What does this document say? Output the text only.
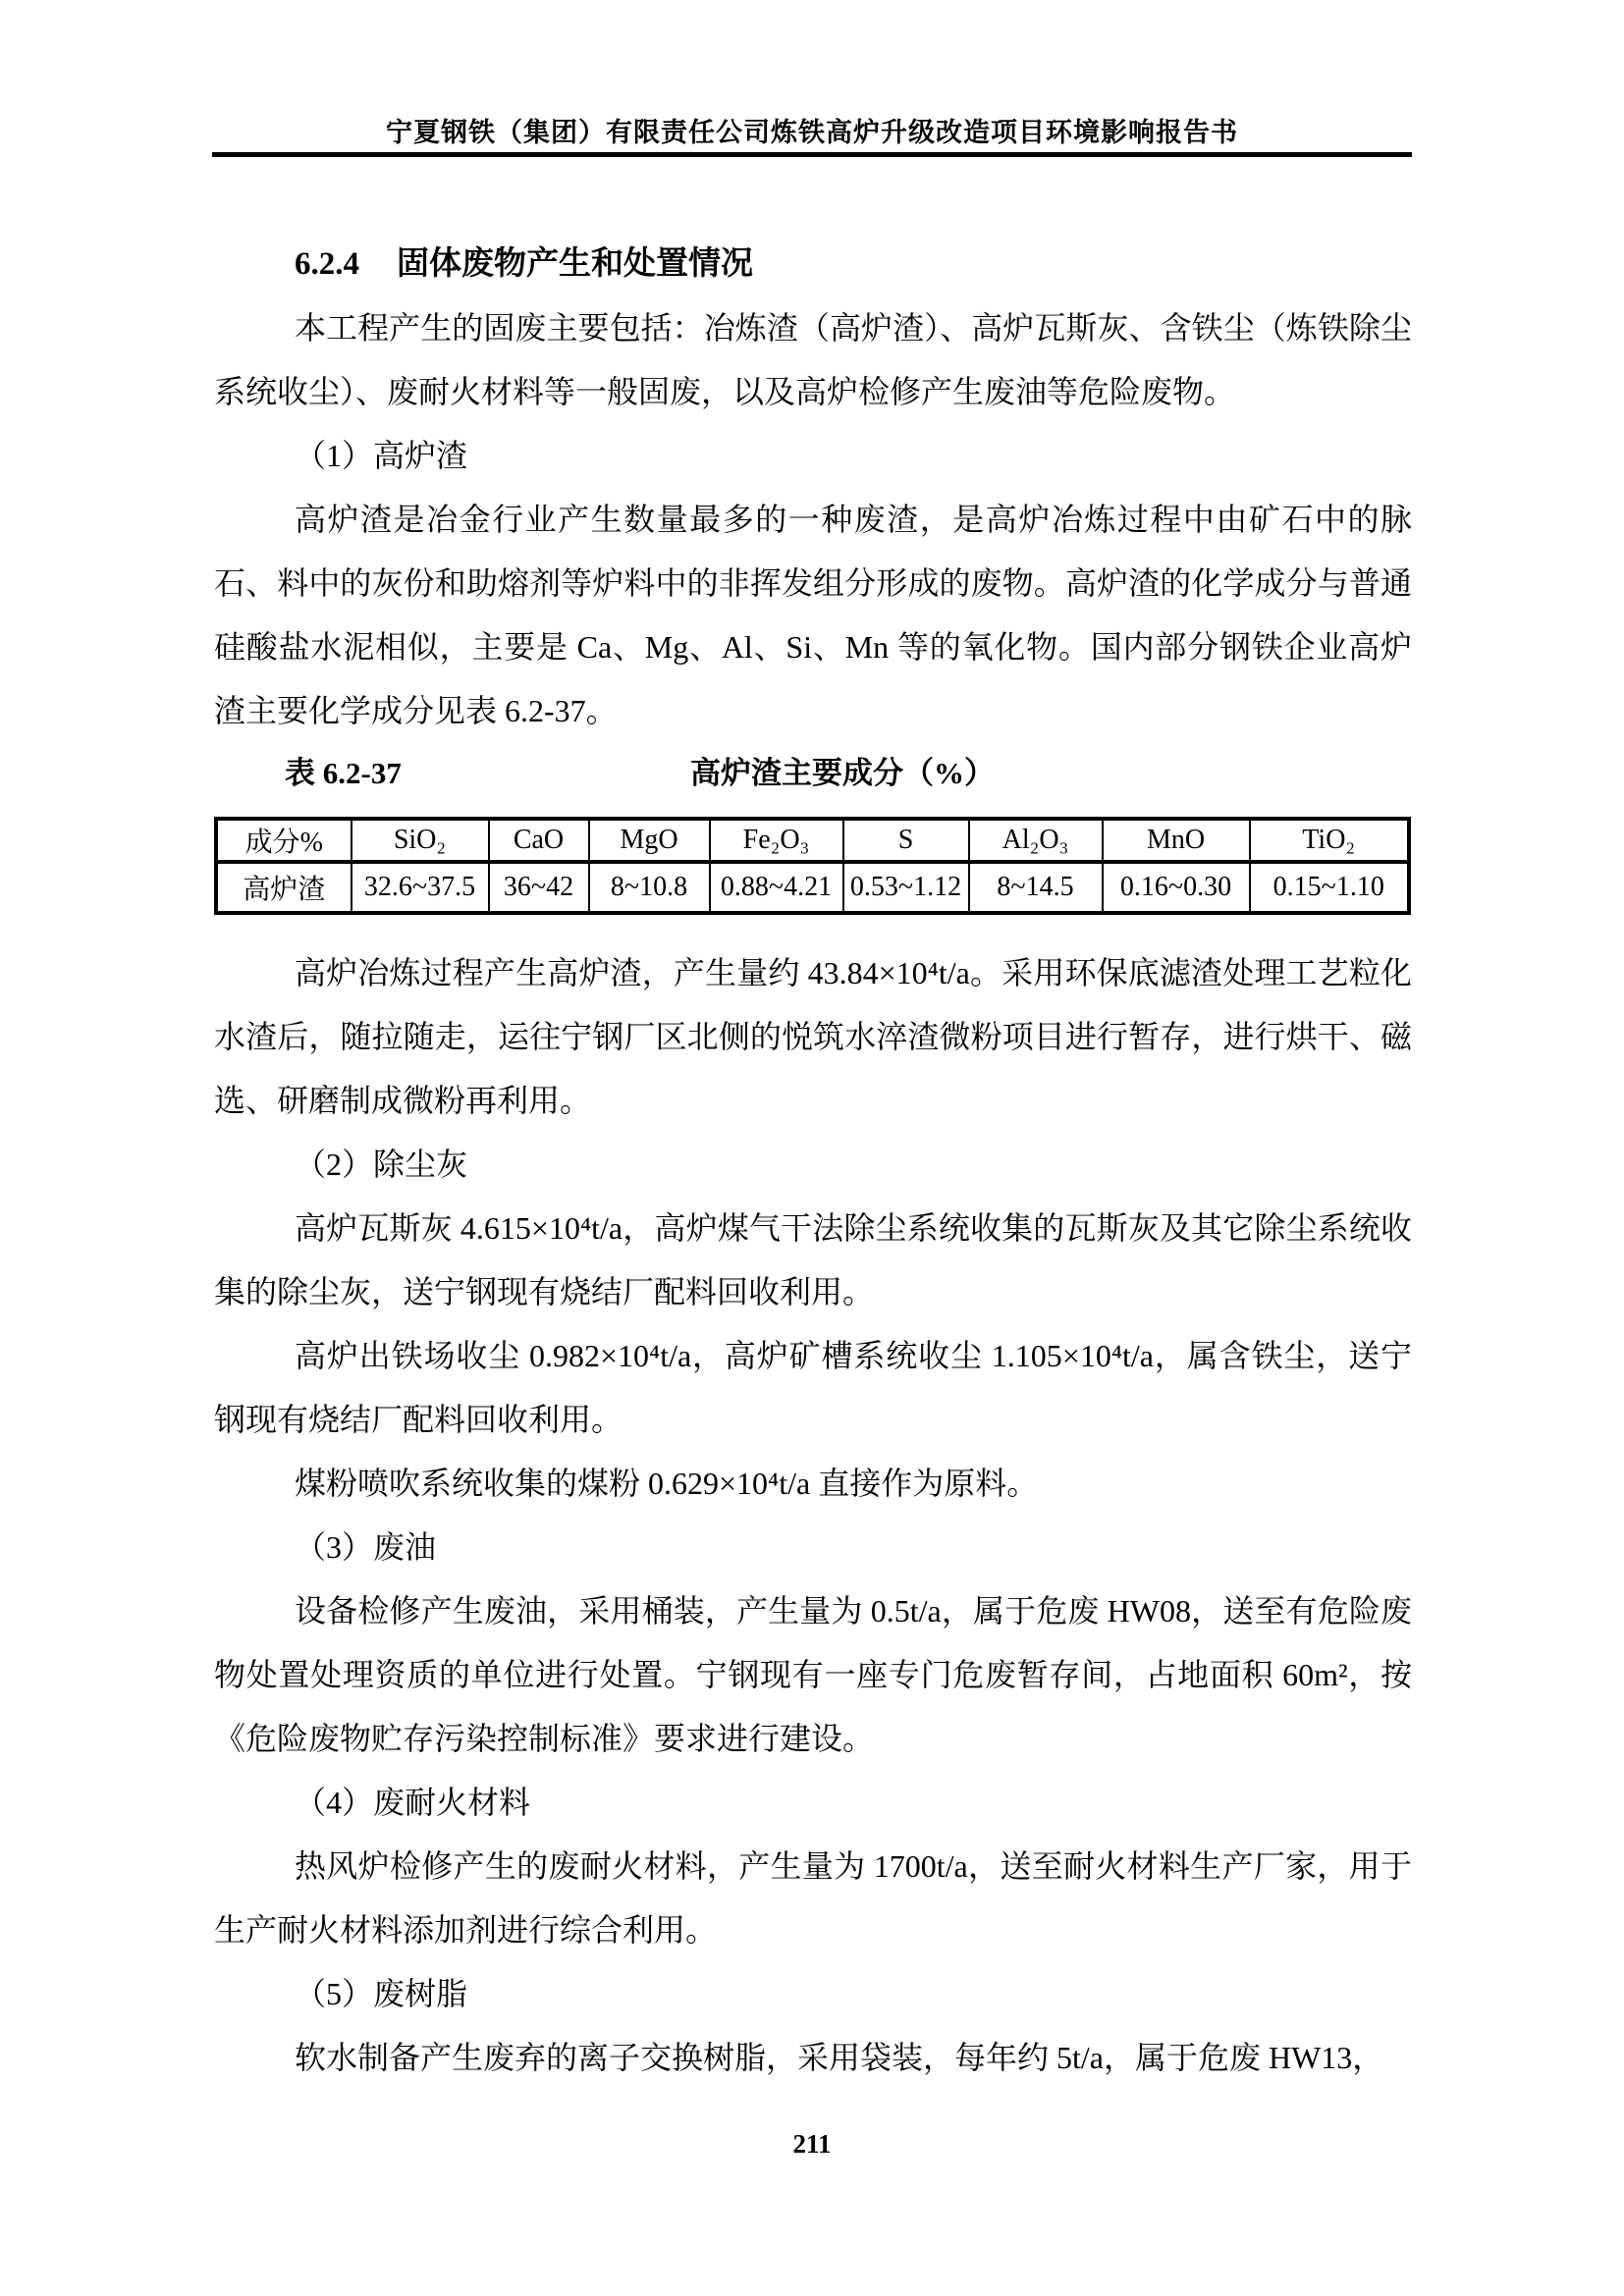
宁夏钢铁（集团）有限责任公司炼铁高炉升级改造项目环境影响报告书
6.2.4 固体废物产生和处置情况

本工程产生的固废主要包括：冶炼渣（高炉渣）、高炉瓦斯灰、含铁尘（炼铁除尘系统收尘）、废耐火材料等一般固废，以及高炉检修产生废油等危险废物。

（1）高炉渣

高炉渣是冶金行业产生数量最多的一种废渣，是高炉冶炼过程中由矿石中的脉石、料中的灰份和助熔剂等炉料中的非挥发组分形成的废物。高炉渣的化学成分与普通硅酸盐水泥相似，主要是 Ca、Mg、Al、Si、Mn 等的氧化物。国内部分钢铁企业高炉渣主要化学成分见表 6.2-37。

表 6.2-37	高炉渣主要成分（%）
成分%	SiO₂	CaO	MgO	Fe₂O₃	S	Al₂O₃	MnO	TiO₂
高炉渣	32.6~37.5	36~42	8~10.8	0.88~4.21	0.53~1.12	8~14.5	0.16~0.30	0.15~1.10

高炉冶炼过程产生高炉渣，产生量约 43.84×10⁴t/a。采用环保底滤渣处理工艺粒化水渣后，随拉随走，运往宁钢厂区北侧的悦筑水淬渣微粉项目进行暂存，进行烘干、磁选、研磨制成微粉再利用。

（2）除尘灰

高炉瓦斯灰 4.615×10⁴t/a，高炉煤气干法除尘系统收集的瓦斯灰及其它除尘系统收集的除尘灰，送宁钢现有烧结厂配料回收利用。

高炉出铁场收尘 0.982×10⁴t/a，高炉矿槽系统收尘 1.105×10⁴t/a，属含铁尘，送宁钢现有烧结厂配料回收利用。

煤粉喷吹系统收集的煤粉 0.629×10⁴t/a 直接作为原料。

（3）废油

设备检修产生废油，采用桶装，产生量为 0.5t/a，属于危废 HW08，送至有危险废物处置处理资质的单位进行处置。宁钢现有一座专门危废暂存间，占地面积 60m²，按《危险废物贮存污染控制标准》要求进行建设。

（4）废耐火材料

热风炉检修产生的废耐火材料，产生量为 1700t/a，送至耐火材料生产厂家，用于生产耐火材料添加剂进行综合利用。

（5）废树脂

软水制备产生废弃的离子交换树脂，采用袋装，每年约 5t/a，属于危废 HW13，

211
